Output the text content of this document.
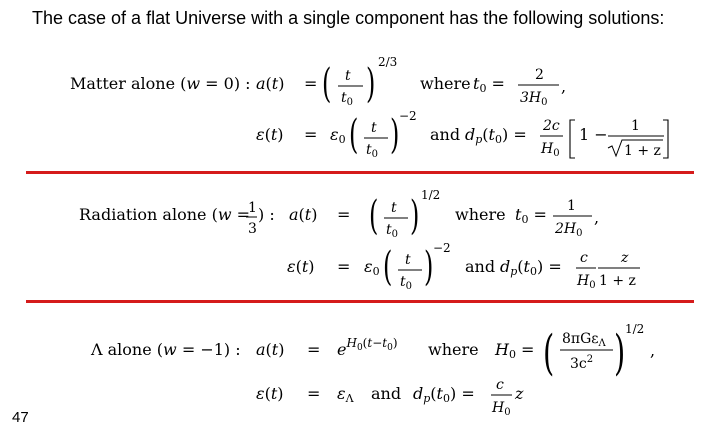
The case of a flat Universe with a single component has the following solutions:
Matter alone (w = 0) : a(t) = ( t
$t_0$ ) 2/3
where t0 = 2
$3H_0$
,
ε(t) = ε0 ( t
$t_0$ ) −2
and dp(t0) = 2c
$H_0$
1 − 1
1 + z
Radiation alone (w =
1
3
) : a(t) = ( t
$t_0$ ) 1/2
where t0 = 1
$2H_0$
,
ε(t) = ε0 ( t
$t_0$ ) −2
and dp(t0) = c
$H_0$
z
1 + z
Λ alone (w = −1) : $a(t) = e^H0(t-t0)$ where H0 = ( 8πGε$_\Lambda$
$3c^2$ ) 1/2
,
ε(t) = εΛ and dp(t0) = c
$H_0$
z
47
